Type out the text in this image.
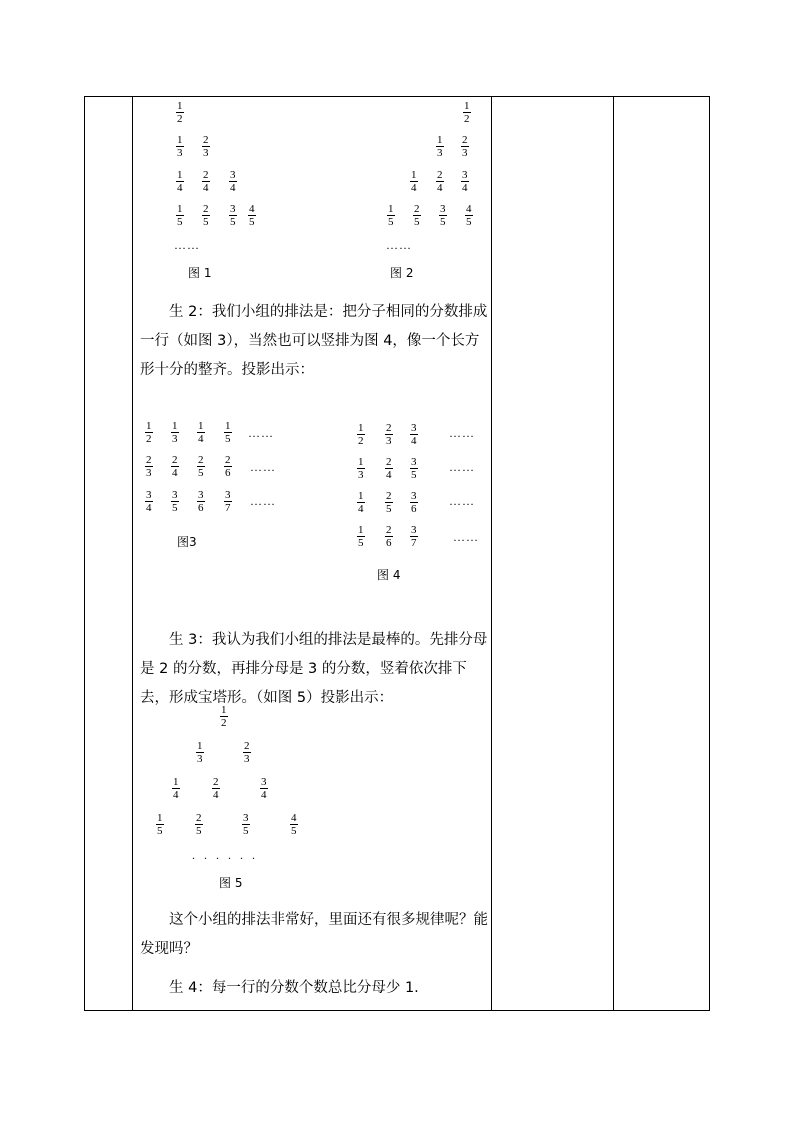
1
2
1
3
2
3
1
4
2
4
3
4
1
5
2
5
3
5
4
5
……
图 1
1
2
1
3
2
3
1
4
2
4
3
4
1
5
2
5
3
5
4
5
……
图 2

生 2：我们小组的排法是：把分子相同的分数排成一行（如图 3），当然也可以竖排为图 4，像一个长方形十分的整齐。投影出示：

1
2
1
3
1
4
1
5
2
3
2
4
2
5
2
6
3
4
3
5
3
6
3
7
……
……
……
图3
1
2
2
3
3
4
1
3
2
4
3
5
1
4
2
5
3
6
1
5
2
6
3
7
……
……
……
……
图 4

生 3：我认为我们小组的排法是最棒的。先排分母是 2 的分数，再排分母是 3 的分数，竖着依次排下去，形成宝塔形。（如图 5）投影出示：

1
2
1
3
2
3
1
4
2
4
3
4
1
5
2
5
3
5
4
5
......
图 5

这个小组的排法非常好，里面还有很多规律呢？能发现吗？

生 4：每一行的分数个数总比分母少 1.
